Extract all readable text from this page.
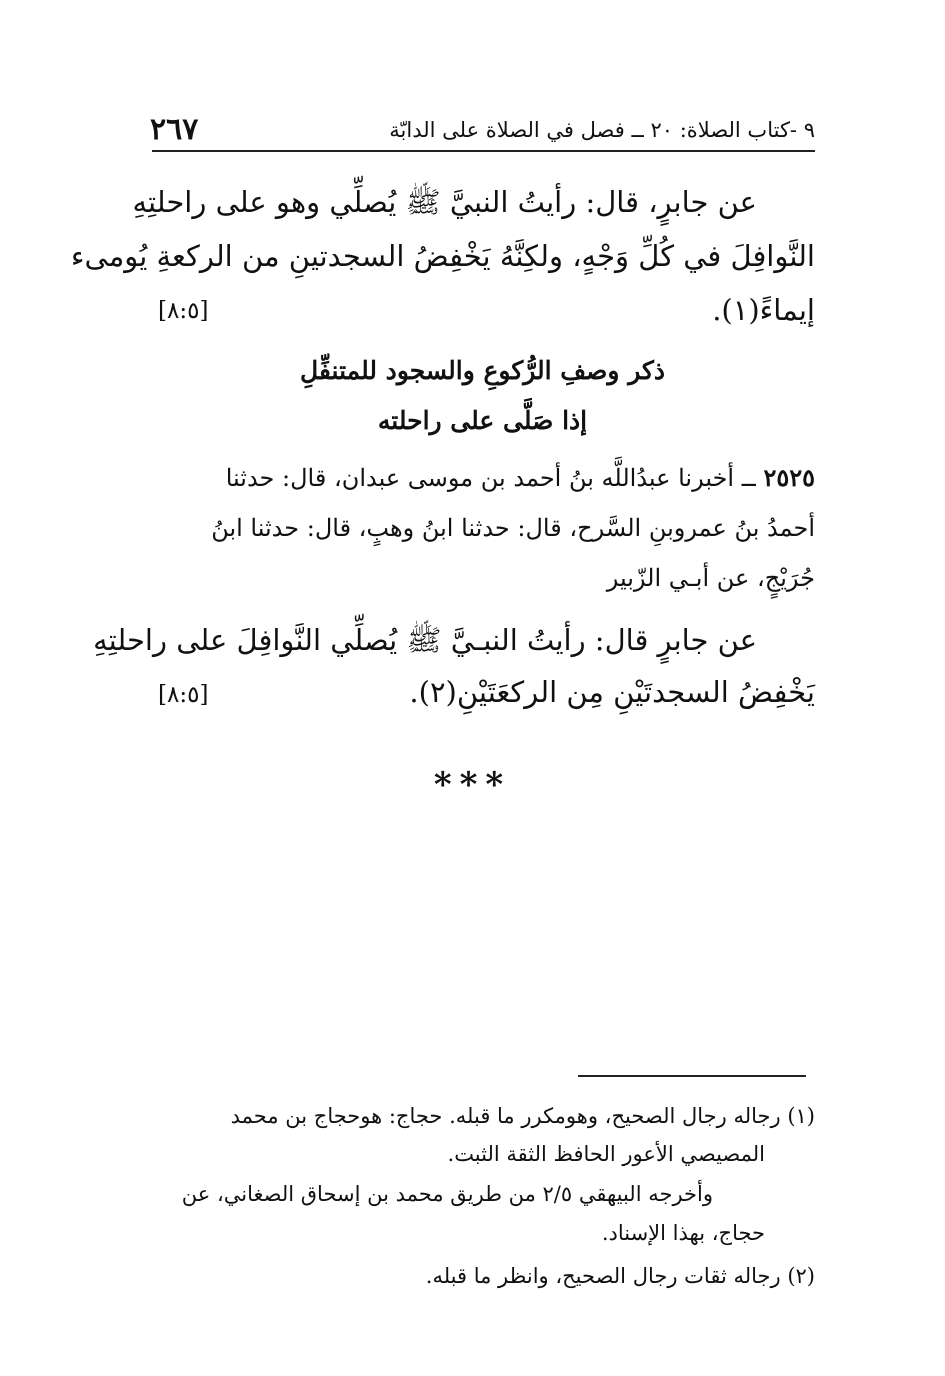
٩ -كتاب الصلاة: ٢٠ ــ فصل في الصلاة على الدابّة
٢٦٧
عن جابرٍ، قال: رأيتُ النبيَّ ﷺ يُصلِّي وهو على راحلتِهِ
النَّوافِلَ في كُلِّ وَجْهٍ، ولكِنَّهُ يَخْفِضُ السجدتينِ من الركعةِ يُومىء
إيماءً(١).
[٨:٥]
ذكر وصفِ الرُّكوعِ والسجود للمتنفِّلِ
إذا صَلَّى على راحلته
٢٥٢٥ ــ أخبرنا عبدُاللَّه بنُ أحمد بن موسى عبدان، قال: حدثنا
أحمدُ بنُ عمروبنِ السَّرح، قال: حدثنا ابنُ وهبٍ، قال: حدثنا ابنُ
جُرَيْجٍ، عن أبـي الزّبير
عن جابرٍ قال: رأيتُ النبـيَّ ﷺ يُصلِّي النَّوافِلَ على راحلتِهِ
يَخْفِضُ السجدتَيْنِ مِن الركعَتَيْنِ(٢).
[٨:٥]
***
(١) رجاله رجال الصحيح، وهومكرر ما قبله. حجاج: هوحجاج بن محمد
المصيصي الأعور الحافظ الثقة الثبت.
وأخرجه البيهقي ٢/٥ من طريق محمد بن إسحاق الصغاني، عن
حجاج، بهذا الإسناد.
(٢) رجاله ثقات رجال الصحيح، وانظر ما قبله.
